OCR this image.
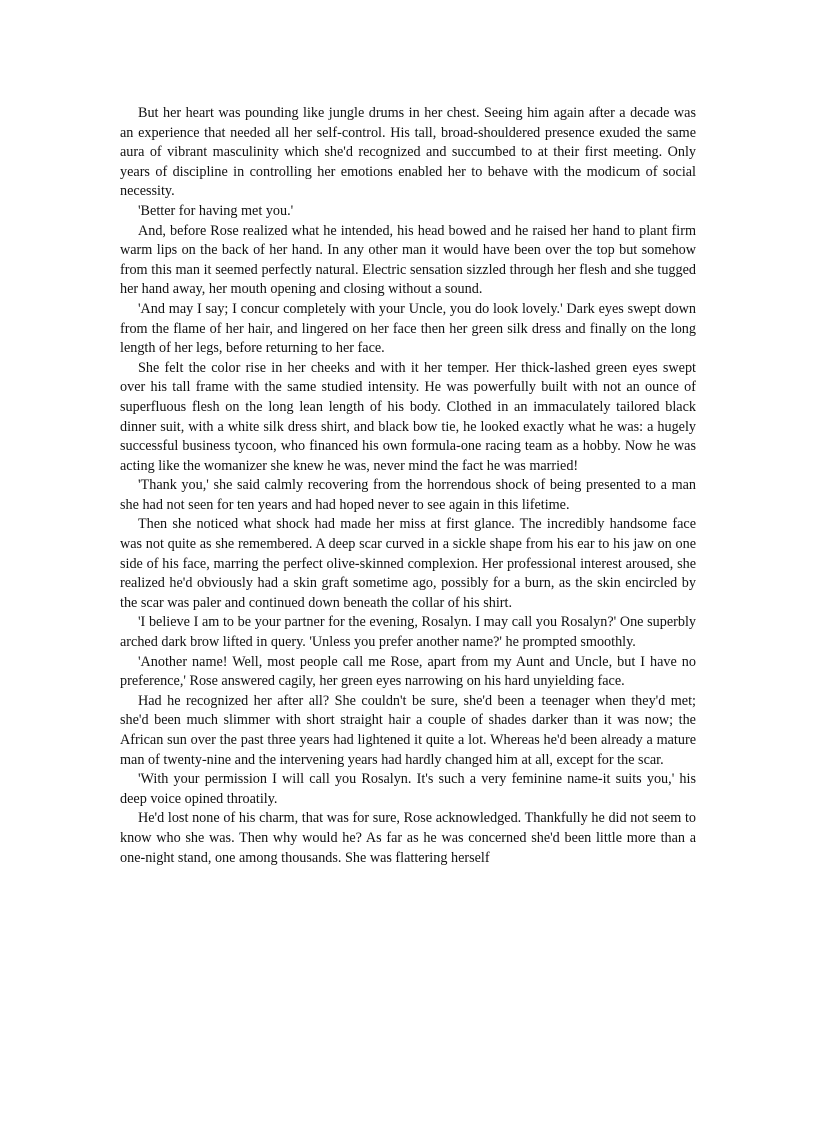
But her heart was pounding like jungle drums in her chest. Seeing him again after a decade was an experience that needed all her self-control. His tall, broad-shouldered presence exuded the same aura of vibrant masculinity which she'd recognized and succumbed to at their first meeting. Only years of discipline in controlling her emotions enabled her to behave with the modicum of social necessity.

'Better for having met you.'

And, before Rose realized what he intended, his head bowed and he raised her hand to plant firm warm lips on the back of her hand. In any other man it would have been over the top but somehow from this man it seemed perfectly natural. Electric sensation sizzled through her flesh and she tugged her hand away, her mouth opening and closing without a sound.

'And may I say; I concur completely with your Uncle, you do look lovely.' Dark eyes swept down from the flame of her hair, and lingered on her face then her green silk dress and finally on the long length of her legs, before returning to her face.

She felt the color rise in her cheeks and with it her temper. Her thick-lashed green eyes swept over his tall frame with the same studied intensity. He was powerfully built with not an ounce of superfluous flesh on the long lean length of his body. Clothed in an immaculately tailored black dinner suit, with a white silk dress shirt, and black bow tie, he looked exactly what he was: a hugely successful business tycoon, who financed his own formula-one racing team as a hobby. Now he was acting like the womanizer she knew he was, never mind the fact he was married!

'Thank you,' she said calmly recovering from the horrendous shock of being presented to a man she had not seen for ten years and had hoped never to see again in this lifetime.

Then she noticed what shock had made her miss at first glance. The incredibly handsome face was not quite as she remembered. A deep scar curved in a sickle shape from his ear to his jaw on one side of his face, marring the perfect olive-skinned complexion. Her professional interest aroused, she realized he'd obviously had a skin graft sometime ago, possibly for a burn, as the skin encircled by the scar was paler and continued down beneath the collar of his shirt.

'I believe I am to be your partner for the evening, Rosalyn. I may call you Rosalyn?' One superbly arched dark brow lifted in query. 'Unless you prefer another name?' he prompted smoothly.

'Another name! Well, most people call me Rose, apart from my Aunt and Uncle, but I have no preference,' Rose answered cagily, her green eyes narrowing on his hard unyielding face.

Had he recognized her after all? She couldn't be sure, she'd been a teenager when they'd met; she'd been much slimmer with short straight hair a couple of shades darker than it was now; the African sun over the past three years had lightened it quite a lot. Whereas he'd been already a mature man of twenty-nine and the intervening years had hardly changed him at all, except for the scar.

'With your permission I will call you Rosalyn. It's such a very feminine name-it suits you,' his deep voice opined throatily.

He'd lost none of his charm, that was for sure, Rose acknowledged. Thankfully he did not seem to know who she was. Then why would he? As far as he was concerned she'd been little more than a one-night stand, one among thousands. She was flattering herself
